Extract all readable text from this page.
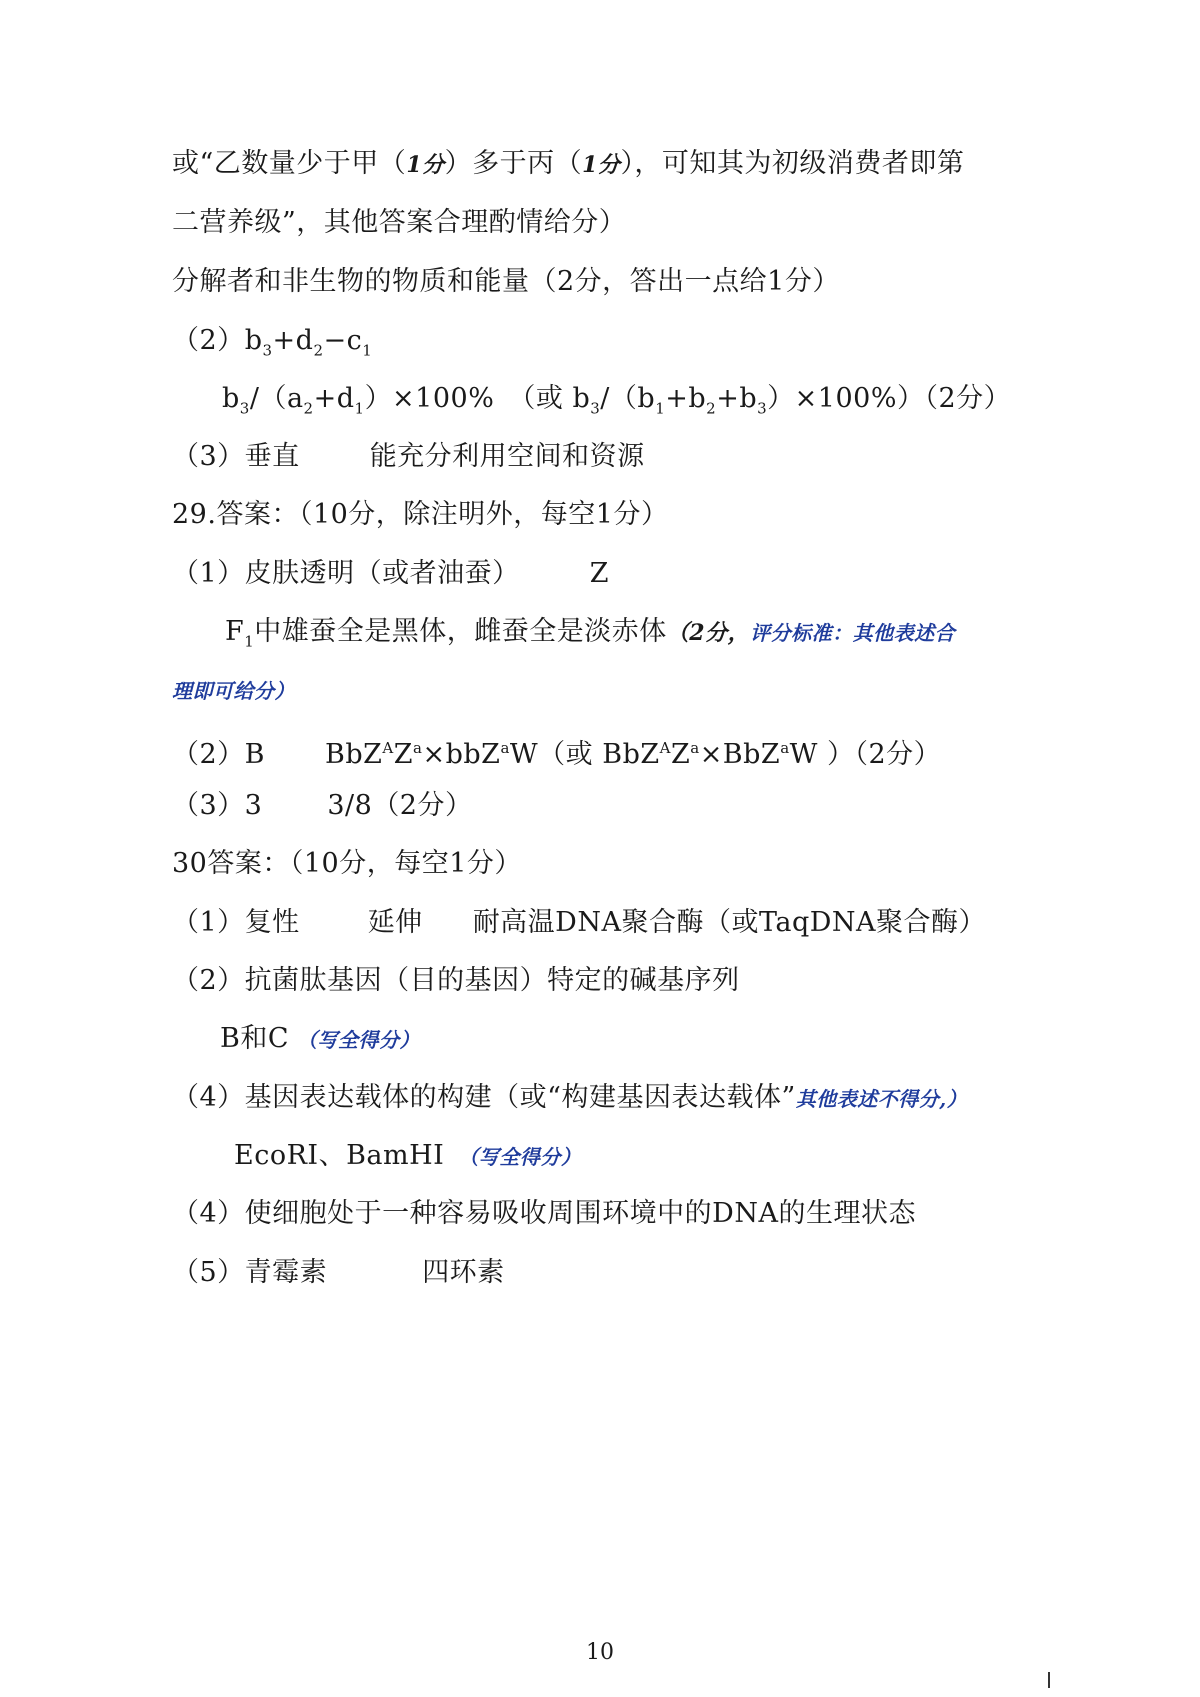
或“乙数量少于甲（1分）多于丙（1分），可知其为初级消费者即第
二营养级”，其他答案合理酌情给分）
分解者和非生物的物质和能量（2分，答出一点给1分）
$(2)b_3+d_2-c_1$
$b_3/(a_2+d_1)\times 100\%$　（或 $b_3/(b_1+b_2+b_3)\times 100\%)(2$分）
（3）垂直	能充分利用空间和资源
29.答案：（10分，除注明外，每空1分）
（1）皮肤透明（或者油蚕）	Z
$F_1$中雄蚕全是黑体，雌蚕全是淡赤体（2分，评分标准：其他表述合
理即可给分）
（2）B $BbZ^AZ^a\times bbZ^aW$（或 $BbZ^AZ^a\times BbZ^aW$ ）（2分）
（3）3 3/8（2分）
30答案：（10分，每空1分）
（1）复性	延伸 耐高温DNA聚合酶（或TaqDNA聚合酶）
（2）抗菌肽基因（目的基因）特定的碱基序列
B和C （写全得分）
（4）基因表达载体的构建（或“构建基因表达载体”其他表述不得分,）
EcoRⅠ、BamHⅠ （写全得分）
（4）使细胞处于一种容易吸收周围环境中的DNA的生理状态
（5）青霉素	四环素
10
